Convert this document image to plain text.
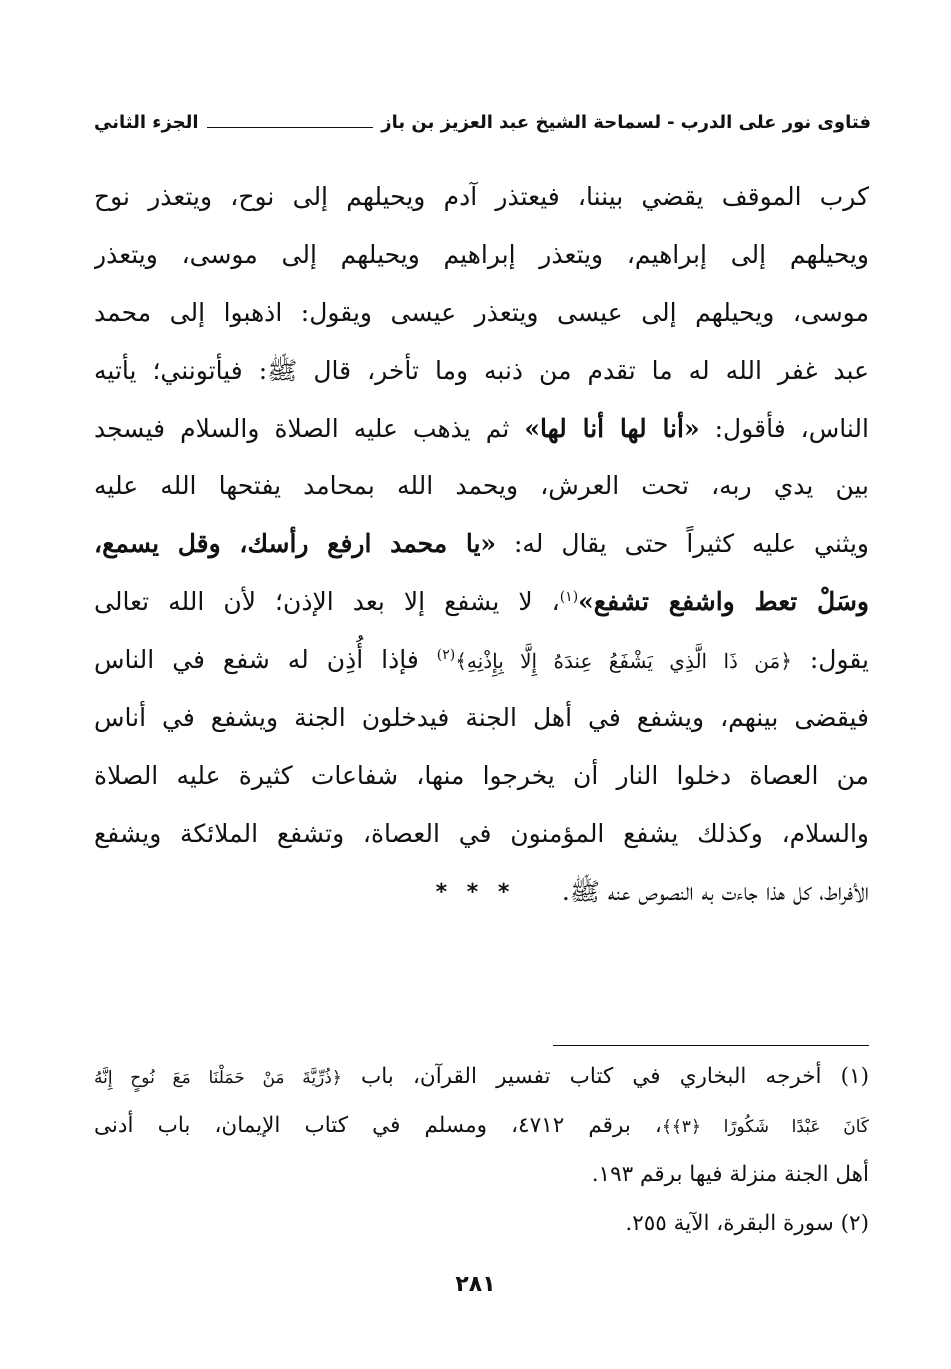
فتاوى نور على الدرب
-
لسماحة الشيخ عبد العزيز بن باز
الجزء الثاني
كرب الموقف يقضي بيننا، فيعتذر آدم ويحيلهم إلى نوح، ويتعذر نوح
ويحيلهم إلى إبراهيم، ويتعذر إبراهيم ويحيلهم إلى موسى، ويتعذر
موسى، ويحيلهم إلى عيسى ويتعذر عيسى ويقول: اذهبوا إلى محمد
عبد غفر الله له ما تقدم من ذنبه وما تأخر، قال ﷺ: فيأتونني؛ يأتيه
الناس، فأقول: «أنا لها أنا لها» ثم يذهب عليه الصلاة والسلام فيسجد
بين يدي ربه، تحت العرش، ويحمد الله بمحامد يفتحها الله عليه
ويثني عليه كثيراً حتى يقال له: «يا محمد ارفع رأسك، وقل يسمع،
وسَلْ تعط واشفع تشفع»$^{(١)}$، لا يشفع إلا بعد الإذن؛ لأن الله تعالى
يقول: ﴿مَن ذَا الَّذِي يَشْفَعُ عِندَهُ إِلَّا بِإِذْنِهِ﴾$^{(٢)}$ فإذا أُذِن له شفع في الناس
فيقضى بينهم، ويشفع في أهل الجنة فيدخلون الجنة ويشفع في أناس
من العصاة دخلوا النار أن يخرجوا منها، شفاعات كثيرة عليه الصلاة
والسلام، وكذلك يشفع المؤمنون في العصاة، وتشفع الملائكة ويشفع
الأفراط، كل هذا جاءت به النصوص عنه ﷺ.
* * *
(١) أخرجه البخاري في كتاب تفسير القرآن، باب ﴿ذُرِّيَّةَ مَنْ حَمَلْنَا مَعَ نُوحٍ إِنَّهُ
كَانَ عَبْدًا شَكُورًا ﴿٣﴾﴾، برقم ٤٧١٢، ومسلم في كتاب الإيمان، باب أدنى
أهل الجنة منزلة فيها برقم ١٩٣.
(٢) سورة البقرة، الآية ٢٥٥.
٢٨١
